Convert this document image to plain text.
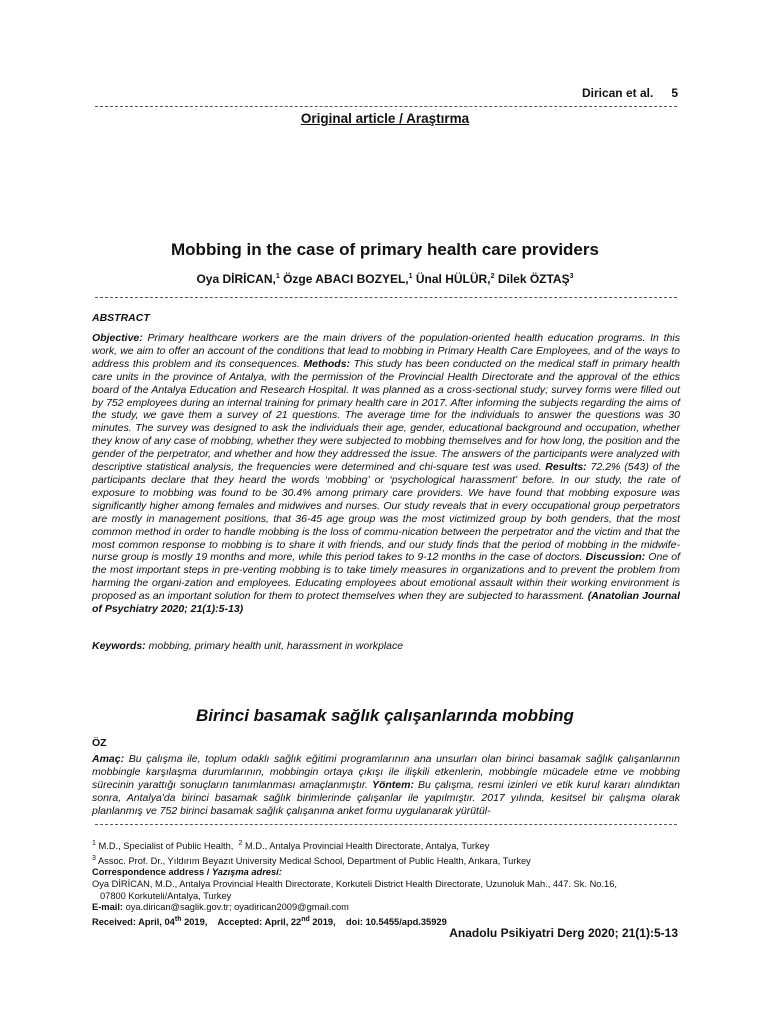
Dirican et al. 5
Original article / Araştırma
Mobbing in the case of primary health care providers
Oya DİRİCAN,$^1$ Özge ABACI BOZYEL,$^1$ Ünal HÜLÜR,$^2$ Dilek ÖZTAŞ$^3$
ABSTRACT
Objective: Primary healthcare workers are the main drivers of the population-oriented health education programs. In this work, we aim to offer an account of the conditions that lead to mobbing in Primary Health Care Employees, and of the ways to address this problem and its consequences. Methods: This study has been conducted on the medical staff in primary health care units in the province of Antalya, with the permission of the Provincial Health Directorate and the approval of the ethics board of the Antalya Education and Research Hospital. It was planned as a cross-sectional study; survey forms were filled out by 752 employees during an internal training for primary health care in 2017. After informing the subjects regarding the aims of the study, we gave them a survey of 21 questions. The average time for the individuals to answer the questions was 30 minutes. The survey was designed to ask the individuals their age, gender, educational background and occupation, whether they know of any case of mobbing, whether they were subjected to mobbing themselves and for how long, the position and the gender of the perpetrator, and whether and how they addressed the issue. The answers of the participants were analyzed with descriptive statistical analysis, the frequencies were determined and chi-square test was used. Results: 72.2% (543) of the participants declare that they heard the words ‘mobbing’ or ‘psychological harassment’ before. In our study, the rate of exposure to mobbing was found to be 30.4% among primary care providers. We have found that mobbing exposure was significantly higher among females and midwives and nurses. Our study reveals that in every occupational group perpetrators are mostly in management positions, that 36-45 age group was the most victimized group by both genders, that the most common method in order to handle mobbing is the loss of commu-nication between the perpetrator and the victim and that the most common response to mobbing is to share it with friends, and our study finds that the period of mobbing in the midwife-nurse group is mostly 19 months and more, while this period takes to 9-12 months in the case of doctors. Discussion: One of the most important steps in pre-venting mobbing is to take timely measures in organizations and to prevent the problem from harming the organi-zation and employees. Educating employees about emotional assault within their working environment is proposed as an important solution for them to protect themselves when they are subjected to harassment. (Anatolian Journal of Psychiatry 2020; 21(1):5-13)
Keywords: mobbing, primary health unit, harassment in workplace
Birinci basamak sağlık çalışanlarında mobbing
ÖZ
Amaç: Bu çalışma ile, toplum odaklı sağlık eğitimi programlarının ana unsurları olan birinci basamak sağlık çalışanlarının mobbingle karşılaşma durumlarının, mobbingin ortaya çıkışı ile ilişkili etkenlerin, mobbingle mücadele etme ve mobbing sürecinin yarattığı sonuçların tanımlanması amaçlanmıştır. Yöntem: Bu çalışma, resmi izinleri ve etik kurul kararı alındıktan sonra, Antalya'da birinci basamak sağlık birimlerinde çalışanlar ile yapılmıştır. 2017 yılında, kesitsel bir çalışma olarak planlanmış ve 752 birinci basamak sağlık çalışanına anket formu uygulanarak yürütül-
$^1$ M.D., Specialist of Public Health, $^2$ M.D., Antalya Provincial Health Directorate, Antalya, Turkey
$^3$ Assoc. Prof. Dr., Yıldırım Beyazıt University Medical School, Department of Public Health, Ankara, Turkey
Correspondence address / Yazışma adresi:
Oya DİRİCAN, M.D., Antalya Provincial Health Directorate, Korkuteli District Health Directorate, Uzunoluk Mah., 447. Sk. No.16,
07800 Korkuteli/Antalya, Turkey
E-mail: oya.dirican@saglik.gov.tr; oyadirican2009@gmail.com
Received: April, 04th 2019, Accepted: April, 22nd 2019, doi: 10.5455/apd.35929
Anadolu Psikiyatri Derg 2020; 21(1):5-13
